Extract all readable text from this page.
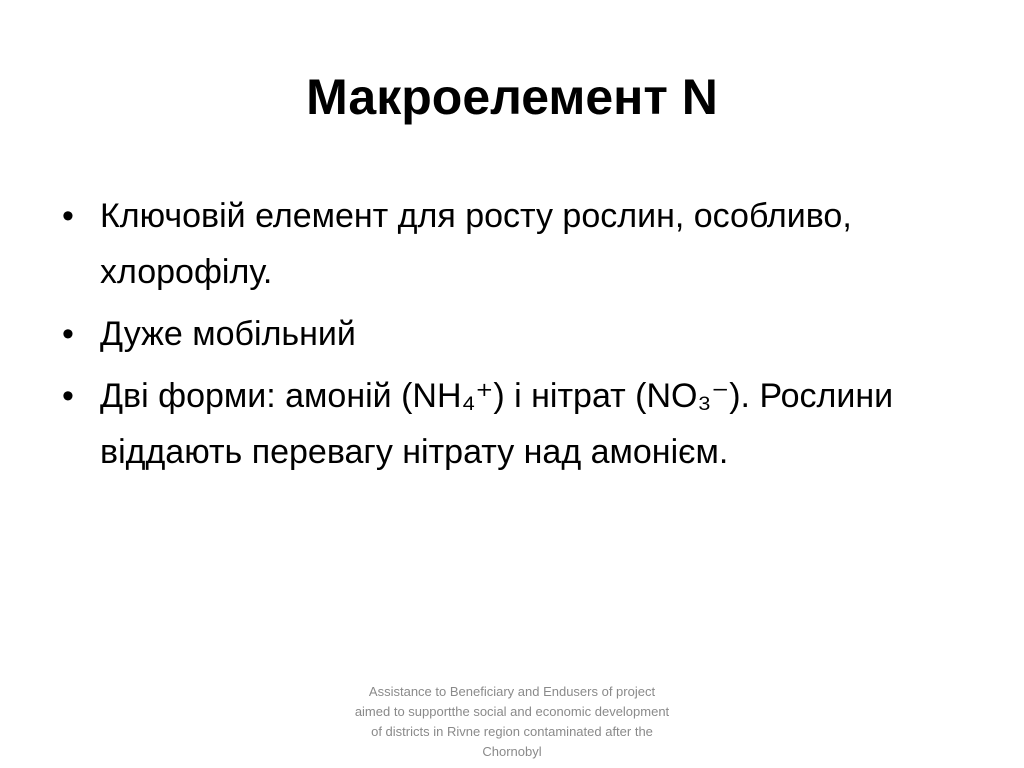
Макроелемент N
• Ключовій елемент для росту рослин, особливо, хлорофілу.
• Дуже мобільний
• Дві форми: амоній (NH₄⁺) і нітрат (NO₃⁻). Рослини віддають перевагу нітрату над амонієм.
Assistance to Beneficiary and Endusers of project aimed to supportthe social and economic development of districts in Rivne region contaminated after the Chornobyl
